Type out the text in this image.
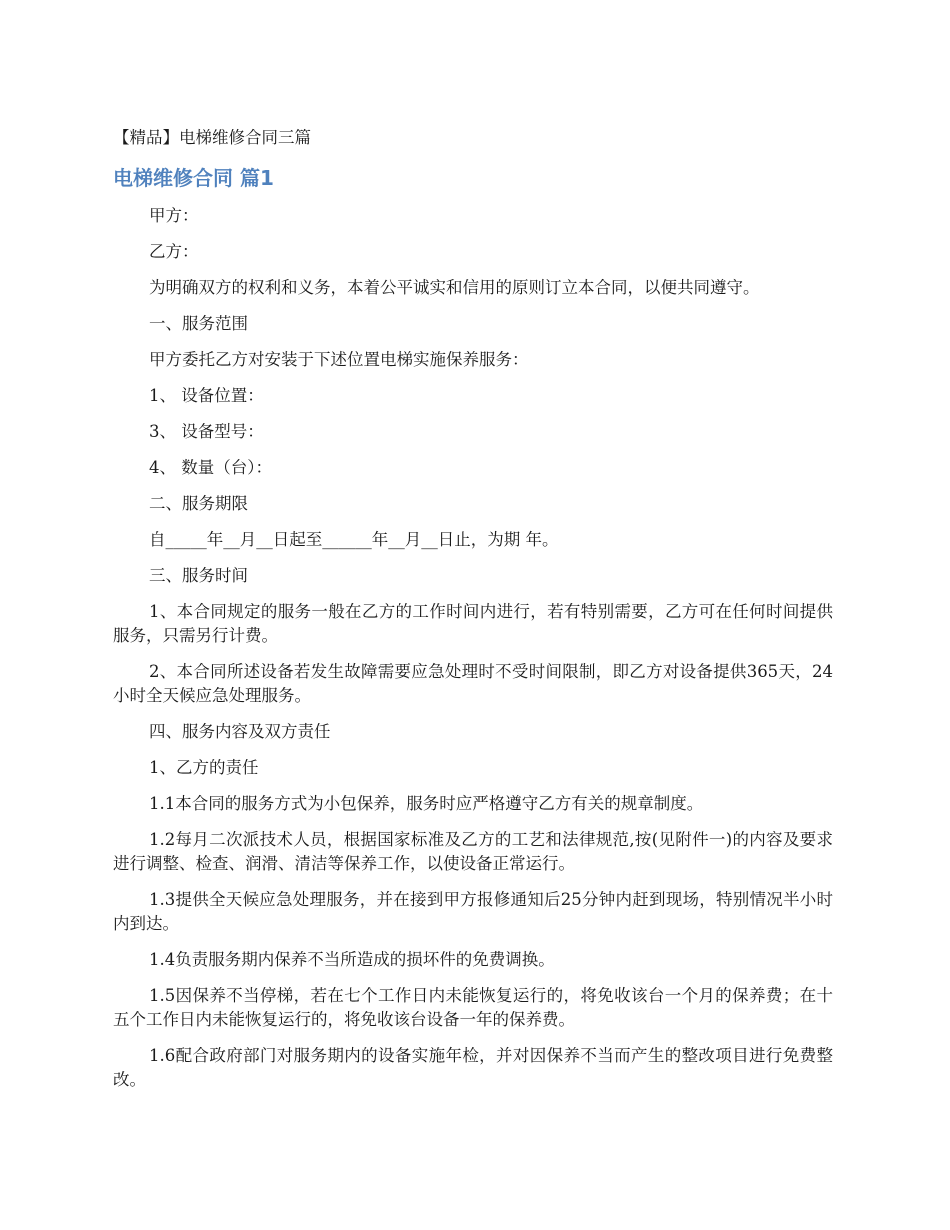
【精品】电梯维修合同三篇
电梯维修合同 篇1

甲方：

乙方：

为明确双方的权利和义务，本着公平诚实和信用的原则订立本合同，以便共同遵守。

一、服务范围

甲方委托乙方对安装于下述位置电梯实施保养服务：

1、 设备位置：

3、 设备型号：

4、 数量（台）：

二、服务期限

自_____年__月__日起至______年__月__日止，为期 年。

三、服务时间

1、本合同规定的服务一般在乙方的工作时间内进行，若有特别需要，乙方可在任何时间提供服务，只需另行计费。

2、本合同所述设备若发生故障需要应急处理时不受时间限制，即乙方对设备提供365天，24小时全天候应急处理服务。

四、服务内容及双方责任

1、乙方的责任

1.1本合同的服务方式为小包保养，服务时应严格遵守乙方有关的规章制度。

1.2每月二次派技术人员，根据国家标准及乙方的工艺和法律规范,按(见附件一)的内容及要求进行调整、检查、润滑、清洁等保养工作，以使设备正常运行。

1.3提供全天候应急处理服务，并在接到甲方报修通知后25分钟内赶到现场，特别情况半小时内到达。

1.4负责服务期内保养不当所造成的损坏件的免费调换。

1.5因保养不当停梯，若在七个工作日内未能恢复运行的，将免收该台一个月的保养费；在十五个工作日内未能恢复运行的，将免收该台设备一年的保养费。

1.6配合政府部门对服务期内的设备实施年检，并对因保养不当而产生的整改项目进行免费整改。
